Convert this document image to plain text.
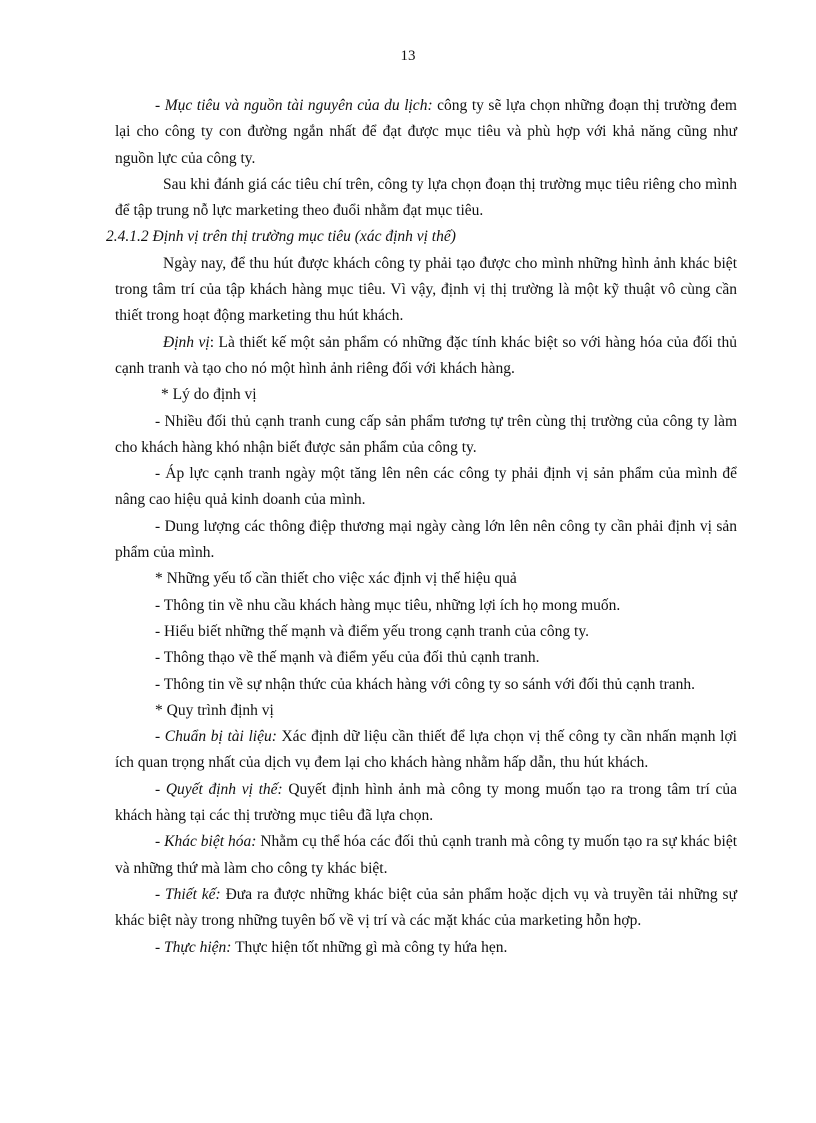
13

- Mục tiêu và nguồn tài nguyên của du lịch: công ty sẽ lựa chọn những đoạn thị trường đem lại cho công ty con đường ngắn nhất để đạt được mục tiêu và phù hợp với khả năng cũng như nguồn lực của công ty.

Sau khi đánh giá các tiêu chí trên, công ty lựa chọn đoạn thị trường mục tiêu riêng cho mình để tập trung nỗ lực marketing theo đuổi nhằm đạt mục tiêu.

2.4.1.2 Định vị trên thị trường mục tiêu (xác định vị thế)

Ngày nay, để thu hút được khách công ty phải tạo được cho mình những hình ảnh khác biệt trong tâm trí của tập khách hàng mục tiêu. Vì vậy, định vị thị trường là một kỹ thuật vô cùng cần thiết trong hoạt động marketing thu hút khách.

Định vị: Là thiết kế một sản phẩm có những đặc tính khác biệt so với hàng hóa của đối thủ cạnh tranh và tạo cho nó một hình ảnh riêng đối với khách hàng.

* Lý do định vị

- Nhiều đối thủ cạnh tranh cung cấp sản phẩm tương tự trên cùng thị trường của công ty làm cho khách hàng khó nhận biết được sản phẩm của công ty.

- Áp lực cạnh tranh ngày một tăng lên nên các công ty phải định vị sản phẩm của mình để nâng cao hiệu quả kinh doanh của mình.

- Dung lượng các thông điệp thương mại ngày càng lớn lên nên công ty cần phải định vị sản phẩm của mình.

* Những yếu tố cần thiết cho việc xác định vị thế hiệu quả

- Thông tin về nhu cầu khách hàng mục tiêu, những lợi ích họ mong muốn.

- Hiểu biết những thế mạnh và điểm yếu trong cạnh tranh của công ty.

- Thông thạo về thế mạnh và điểm yếu của đối thủ cạnh tranh.

- Thông tin về sự nhận thức của khách hàng với công ty so sánh với đối thủ cạnh tranh.

* Quy trình định vị

- Chuẩn bị tài liệu: Xác định dữ liệu cần thiết để lựa chọn vị thế công ty cần nhấn mạnh lợi ích quan trọng nhất của dịch vụ đem lại cho khách hàng nhằm hấp dẫn, thu hút khách.

- Quyết định vị thế: Quyết định hình ảnh mà công ty mong muốn tạo ra trong tâm trí của khách hàng tại các thị trường mục tiêu đã lựa chọn.

- Khác biệt hóa: Nhằm cụ thể hóa các đối thủ cạnh tranh mà công ty muốn tạo ra sự khác biệt và những thứ mà làm cho công ty khác biệt.

- Thiết kế: Đưa ra được những khác biệt của sản phẩm hoặc dịch vụ và truyền tải những sự khác biệt này trong những tuyên bố về vị trí và các mặt khác của marketing hỗn hợp.

- Thực hiện: Thực hiện tốt những gì mà công ty hứa hẹn.
